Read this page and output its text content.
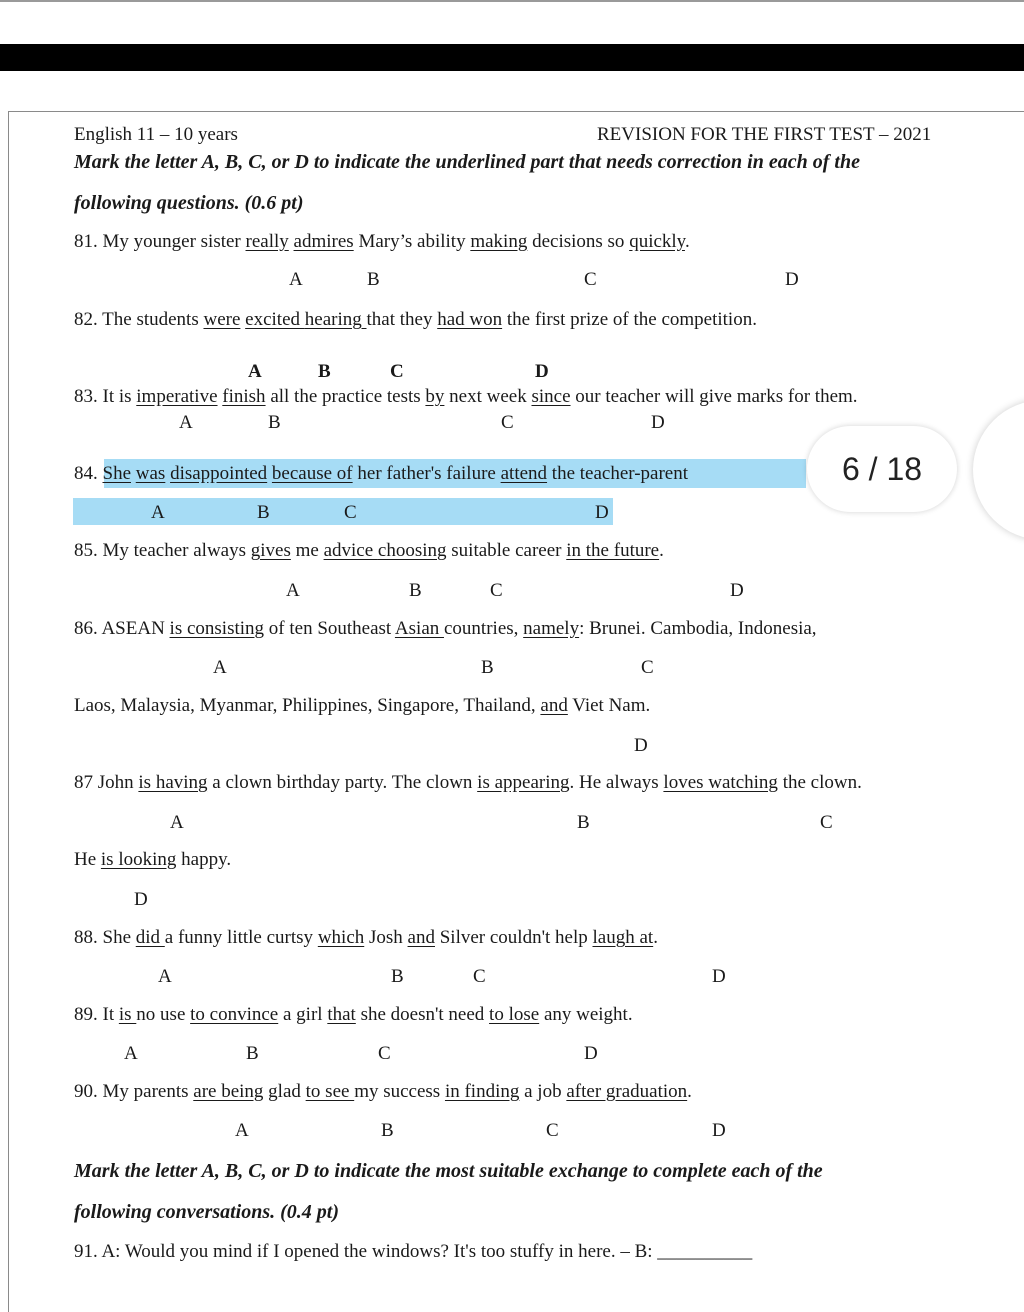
English 11 – 10 years	REVISION FOR THE FIRST TEST – 2021
Mark the letter A, B, C, or D to indicate the underlined part that needs correction in each of the
following questions. (0.6 pt)
81. My younger sister really admires Mary’s ability making decisions so quickly.
A	B	C	D
82. The students were excited hearing that they had won the first prize of the competition.
A	B	C	D
83. It is imperative finish all the practice tests by next week since our teacher will give marks for them.
A	B	C	D
84. She was disappointed because of her father's failure attend the teacher-parent
A	B	C	D
6 / 18
85. My teacher always gives me advice choosing suitable career in the future.
A	B	C	D
86. ASEAN is consisting of ten Southeast Asian countries, namely: Brunei. Cambodia, Indonesia,
A	B	C
Laos, Malaysia, Myanmar, Philippines, Singapore, Thailand, and Viet Nam.
D
87 John is having a clown birthday party. The clown is appearing. He always loves watching the clown.
A	B	C
He is looking happy.
D
88. She did a funny little curtsy which Josh and Silver couldn't help laugh at.
A	B	C	D
89. It is no use to convince a girl that she doesn't need to lose any weight.
A	B	C	D
90. My parents are being glad to see my success in finding a job after graduation.
A	B	C	D
Mark the letter A, B, C, or D to indicate the most suitable exchange to complete each of the
following conversations. (0.4 pt)
91. A: Would you mind if I opened the windows? It's too stuffy in here. – B: __________
